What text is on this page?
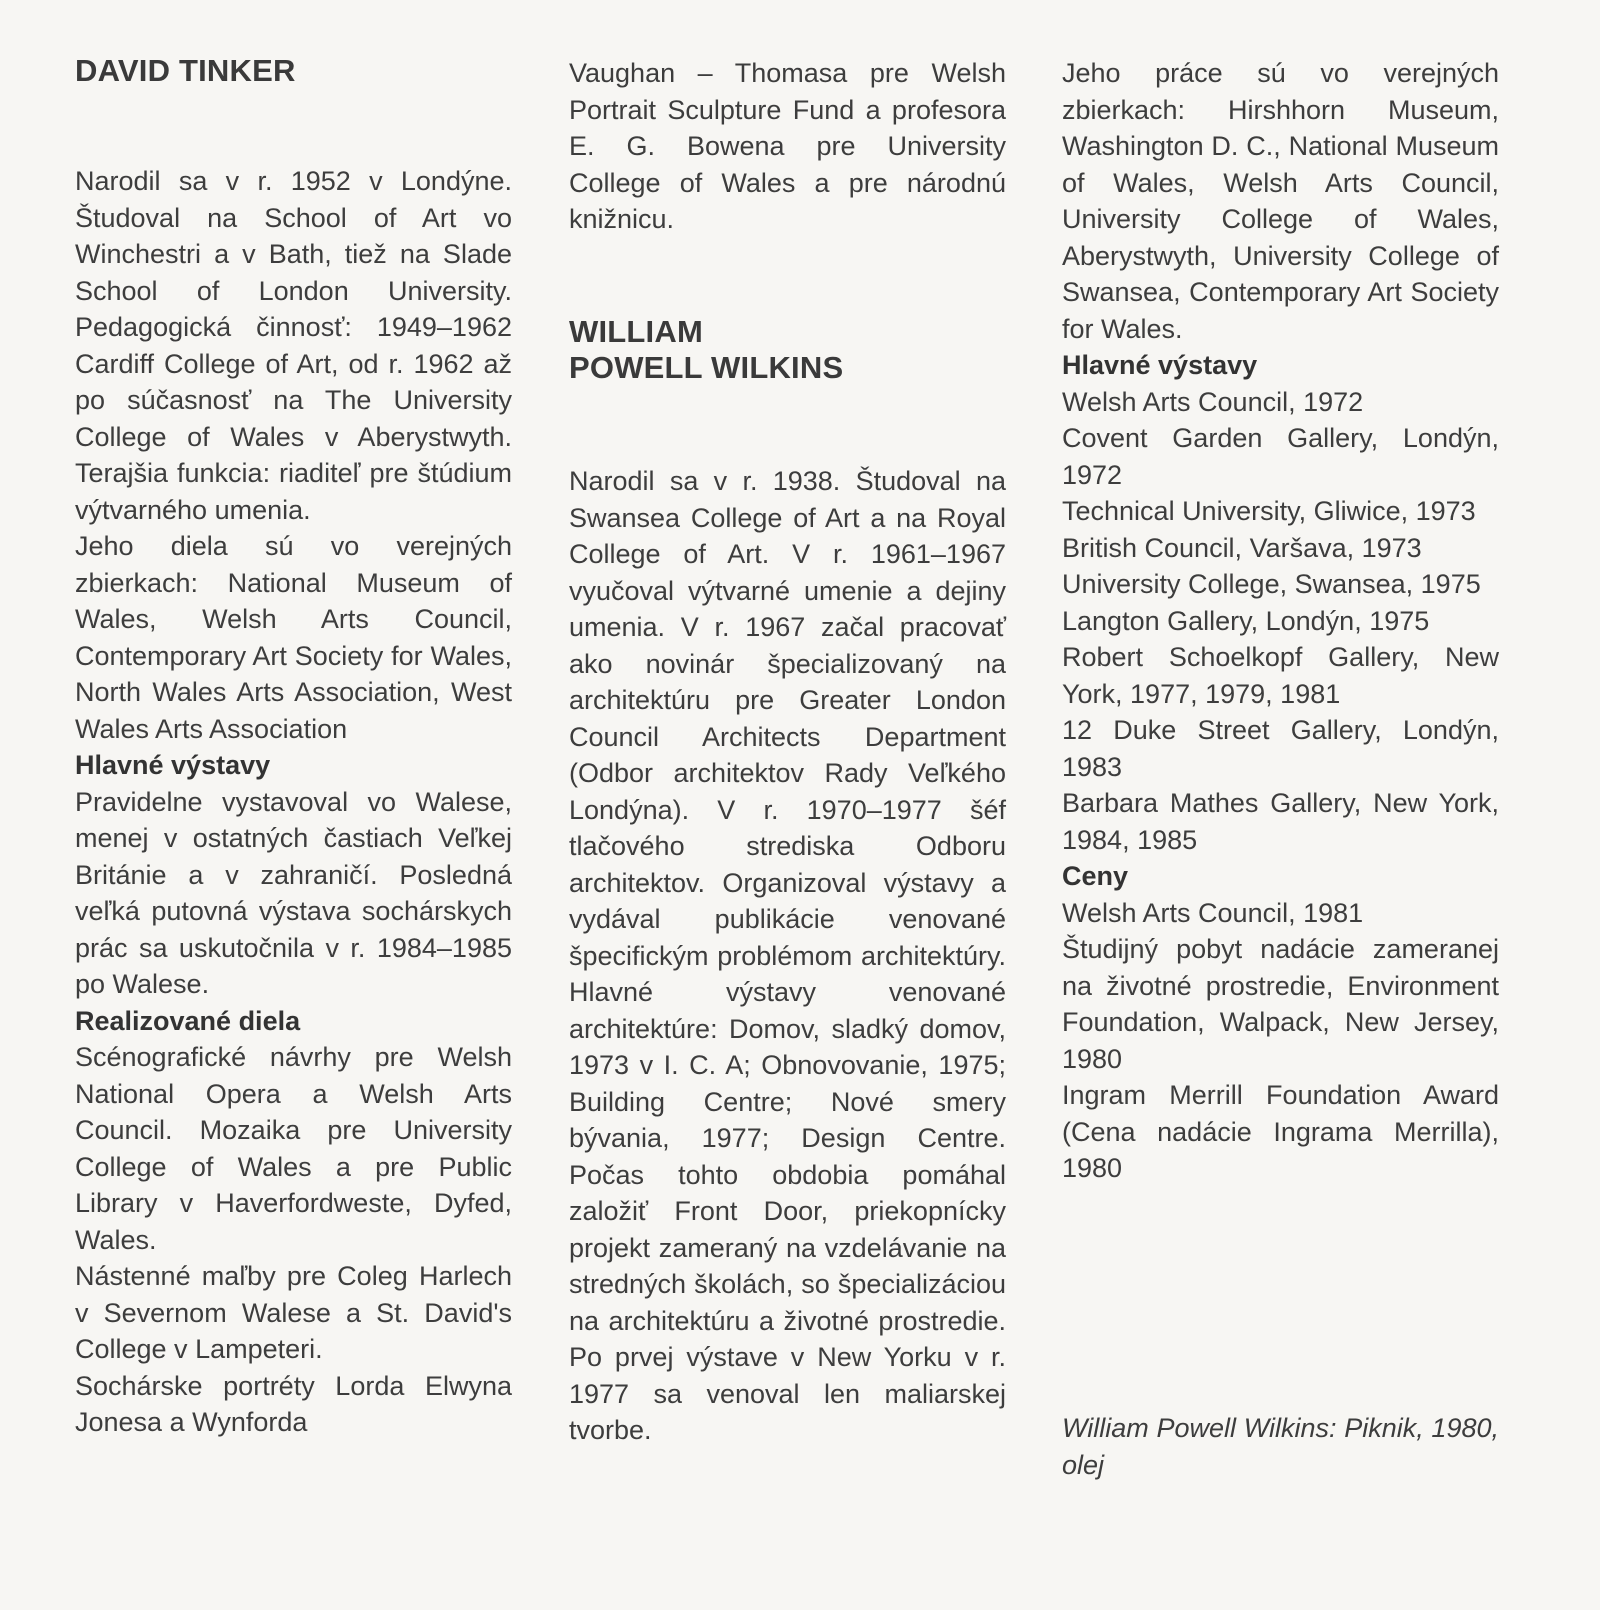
DAVID TINKER

Narodil sa v r. 1952 v Londýne. Študoval na School of Art vo Winchestri a v Bath, tiež na Slade School of London University. Pedagogická činnosť: 1949–1962 Cardiff College of Art, od r. 1962 až po súčasnosť na The University College of Wales v Aberystwyth. Terajšia funkcia: riaditeľ pre štúdium výtvarného umenia.

Jeho diela sú vo verejných zbierkach: National Museum of Wales, Welsh Arts Council, Contemporary Art Society for Wales, North Wales Arts Association, West Wales Arts Association

Hlavné výstavy

Pravidelne vystavoval vo Walese, menej v ostatných častiach Veľkej Británie a v zahraničí. Posledná veľká putovná výstava sochárskych prác sa uskutočnila v r. 1984–1985 po Walese.

Realizované diela

Scénografické návrhy pre Welsh National Opera a Welsh Arts Council. Mozaika pre University College of Wales a pre Public Library v Haverfordweste, Dyfed, Wales.

Nástenné maľby pre Coleg Harlech v Severnom Walese a St. David's College v Lampeteri.

Sochárske portréty Lorda Elwyna Jonesa a Wynforda

Vaughan – Thomasa pre Welsh Portrait Sculpture Fund a profesora E. G. Bowena pre University College of Wales a pre národnú knižnicu.

WILLIAM
POWELL WILKINS

Narodil sa v r. 1938. Študoval na Swansea College of Art a na Royal College of Art. V r. 1961–1967 vyučoval výtvarné umenie a dejiny umenia. V r. 1967 začal pracovať ako novinár špecializovaný na architektúru pre Greater London Council Architects Department (Odbor architektov Rady Veľkého Londýna). V r. 1970–1977 šéf tlačového strediska Odboru architektov. Organizoval výstavy a vydával publikácie venované špecifickým problémom architektúry. Hlavné výstavy venované architektúre: Domov, sladký domov, 1973 v I. C. A; Obnovovanie, 1975; Building Centre; Nové smery bývania, 1977; Design Centre. Počas tohto obdobia pomáhal založiť Front Door, priekopnícky projekt zameraný na vzdelávanie na stredných školách, so špecializáciou na architektúru a životné prostredie. Po prvej výstave v New Yorku v r. 1977 sa venoval len maliarskej tvorbe.

Jeho práce sú vo verejných zbierkach: Hirshhorn Museum, Washington D. C., National Museum of Wales, Welsh Arts Council, University College of Wales, Aberystwyth, University College of Swansea, Contemporary Art Society for Wales.

Hlavné výstavy

Welsh Arts Council, 1972

Covent Garden Gallery, Londýn, 1972

Technical University, Gliwice, 1973

British Council, Varšava, 1973

University College, Swansea, 1975

Langton Gallery, Londýn, 1975

Robert Schoelkopf Gallery, New York, 1977, 1979, 1981

12 Duke Street Gallery, Londýn, 1983

Barbara Mathes Gallery, New York, 1984, 1985

Ceny

Welsh Arts Council, 1981

Študijný pobyt nadácie zameranej na životné prostredie, Environment Foundation, Walpack, New Jersey, 1980

Ingram Merrill Foundation Award (Cena nadácie Ingrama Merrilla), 1980

William Powell Wilkins: Piknik, 1980, olej
